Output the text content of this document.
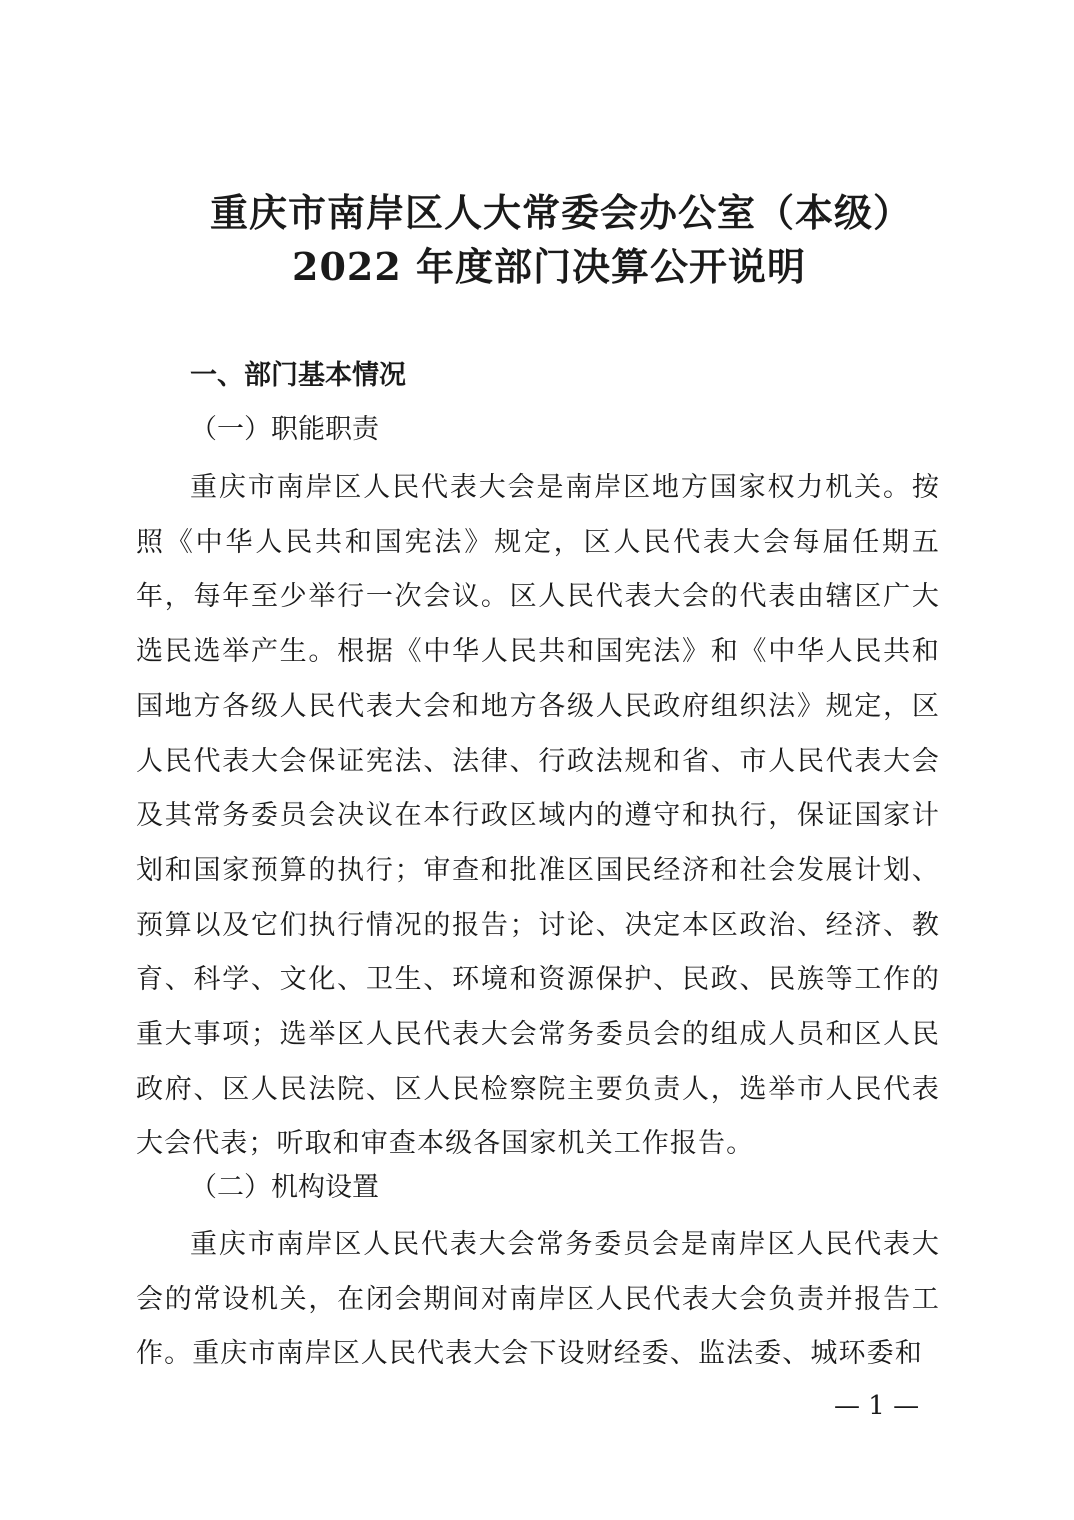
重庆市南岸区人大常委会办公室（本级）
2022 年度部门决算公开说明
一、部门基本情况
（一）职能职责
重庆市南岸区人民代表大会是南岸区地方国家权力机关。按照《中华人民共和国宪法》规定，区人民代表大会每届任期五年，每年至少举行一次会议。区人民代表大会的代表由辖区广大选民选举产生。根据《中华人民共和国宪法》和《中华人民共和国地方各级人民代表大会和地方各级人民政府组织法》规定，区人民代表大会保证宪法、法律、行政法规和省、市人民代表大会及其常务委员会决议在本行政区域内的遵守和执行，保证国家计划和国家预算的执行；审查和批准区国民经济和社会发展计划、预算以及它们执行情况的报告；讨论、决定本区政治、经济、教育、科学、文化、卫生、环境和资源保护、民政、民族等工作的重大事项；选举区人民代表大会常务委员会的组成人员和区人民政府、区人民法院、区人民检察院主要负责人，选举市人民代表大会代表；听取和审查本级各国家机关工作报告。
（二）机构设置
重庆市南岸区人民代表大会常务委员会是南岸区人民代表大会的常设机关，在闭会期间对南岸区人民代表大会负责并报告工作。重庆市南岸区人民代表大会下设财经委、监法委、城环委和
— 1 —
